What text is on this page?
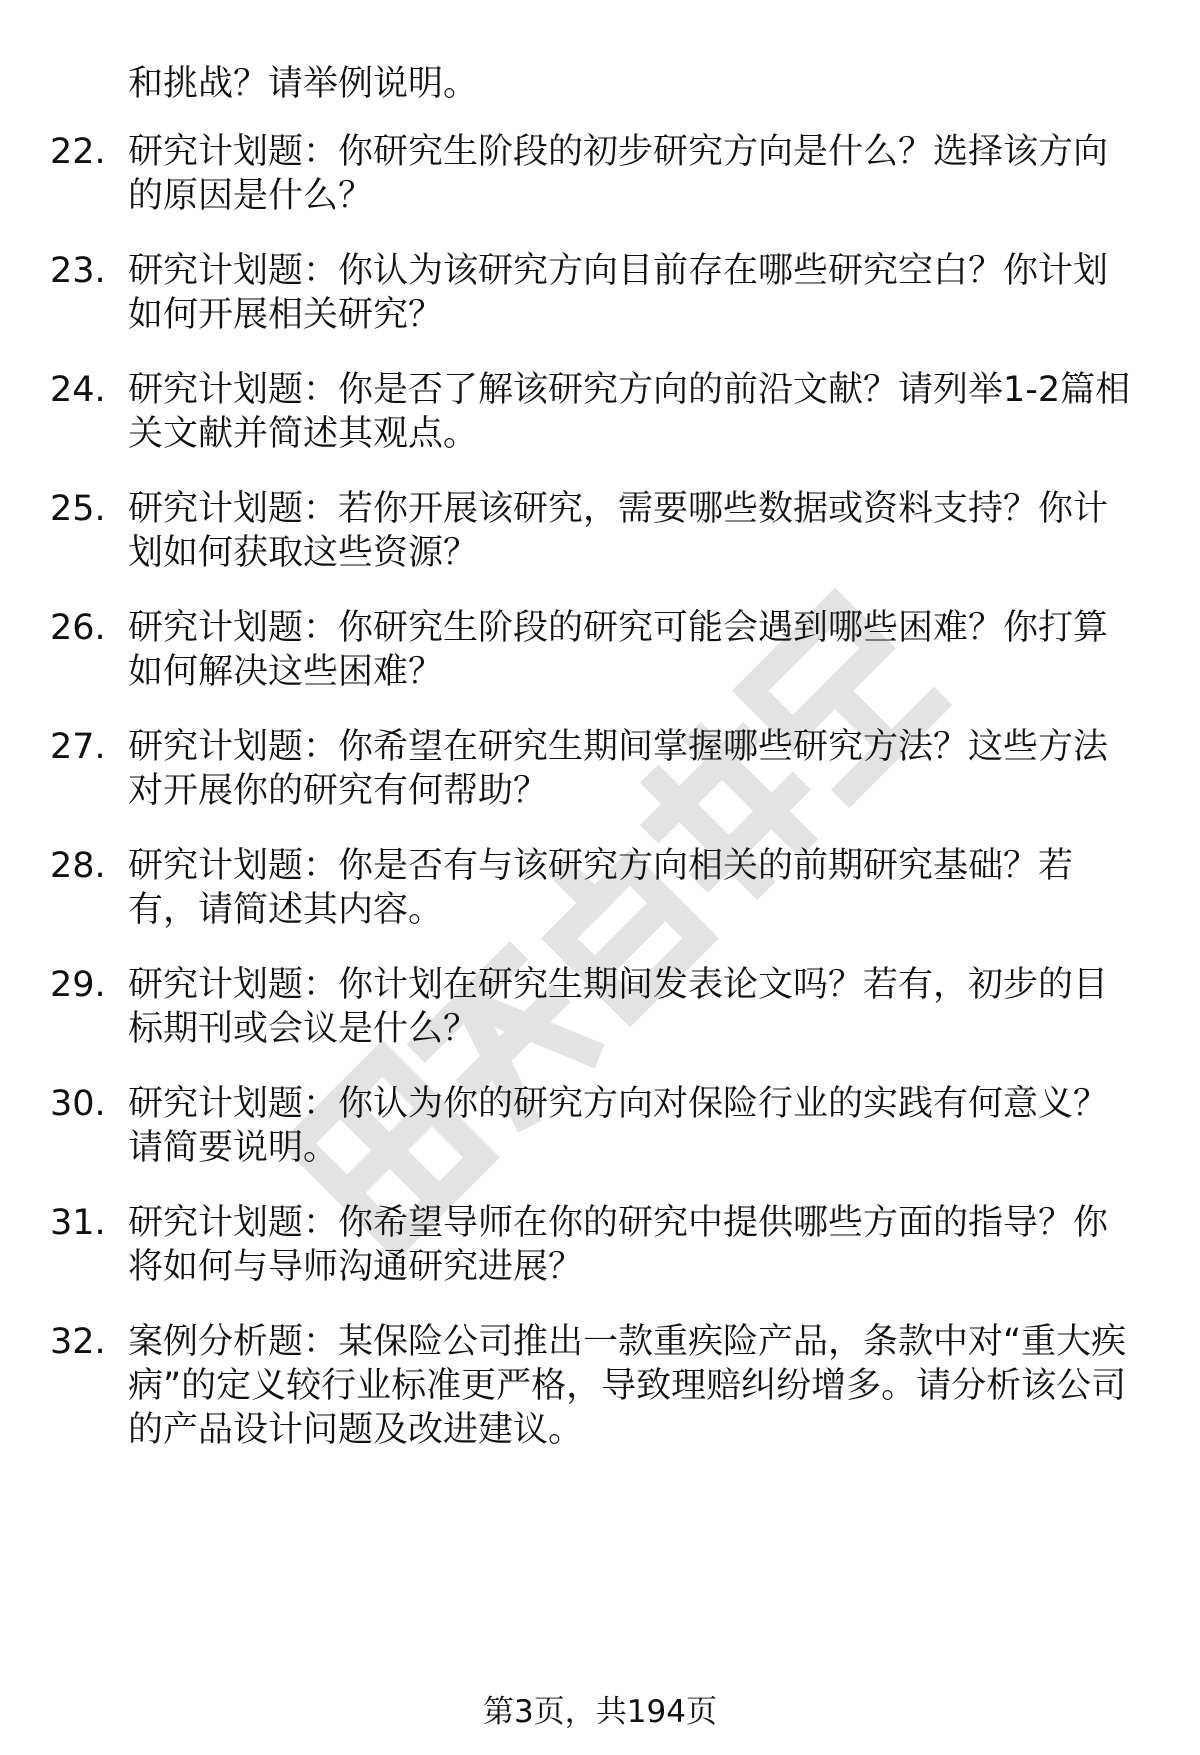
和挑战？请举例说明。
22. 研究计划题：你研究生阶段的初步研究方向是什么？选择该方向的原因是什么？
23. 研究计划题：你认为该研究方向目前存在哪些研究空白？你计划如何开展相关研究？
24. 研究计划题：你是否了解该研究方向的前沿文献？请列举1-2篇相关文献并简述其观点。
25. 研究计划题：若你开展该研究，需要哪些数据或资料支持？你计划如何获取这些资源？
26. 研究计划题：你研究生阶段的研究可能会遇到哪些困难？你打算如何解决这些困难？
27. 研究计划题：你希望在研究生期间掌握哪些研究方法？这些方法对开展你的研究有何帮助？
28. 研究计划题：你是否有与该研究方向相关的前期研究基础？若有，请简述其内容。
29. 研究计划题：你计划在研究生期间发表论文吗？若有，初步的目标期刊或会议是什么？
30. 研究计划题：你认为你的研究方向对保险行业的实践有何意义？请简要说明。
31. 研究计划题：你希望导师在你的研究中提供哪些方面的指导？你将如何与导师沟通研究进展？
32. 案例分析题：某保险公司推出一款重疾险产品，条款中对“重大疾病”的定义较行业标准更严格，导致理赔纠纷增多。请分析该公司的产品设计问题及改进建议。
第3页，共194页
